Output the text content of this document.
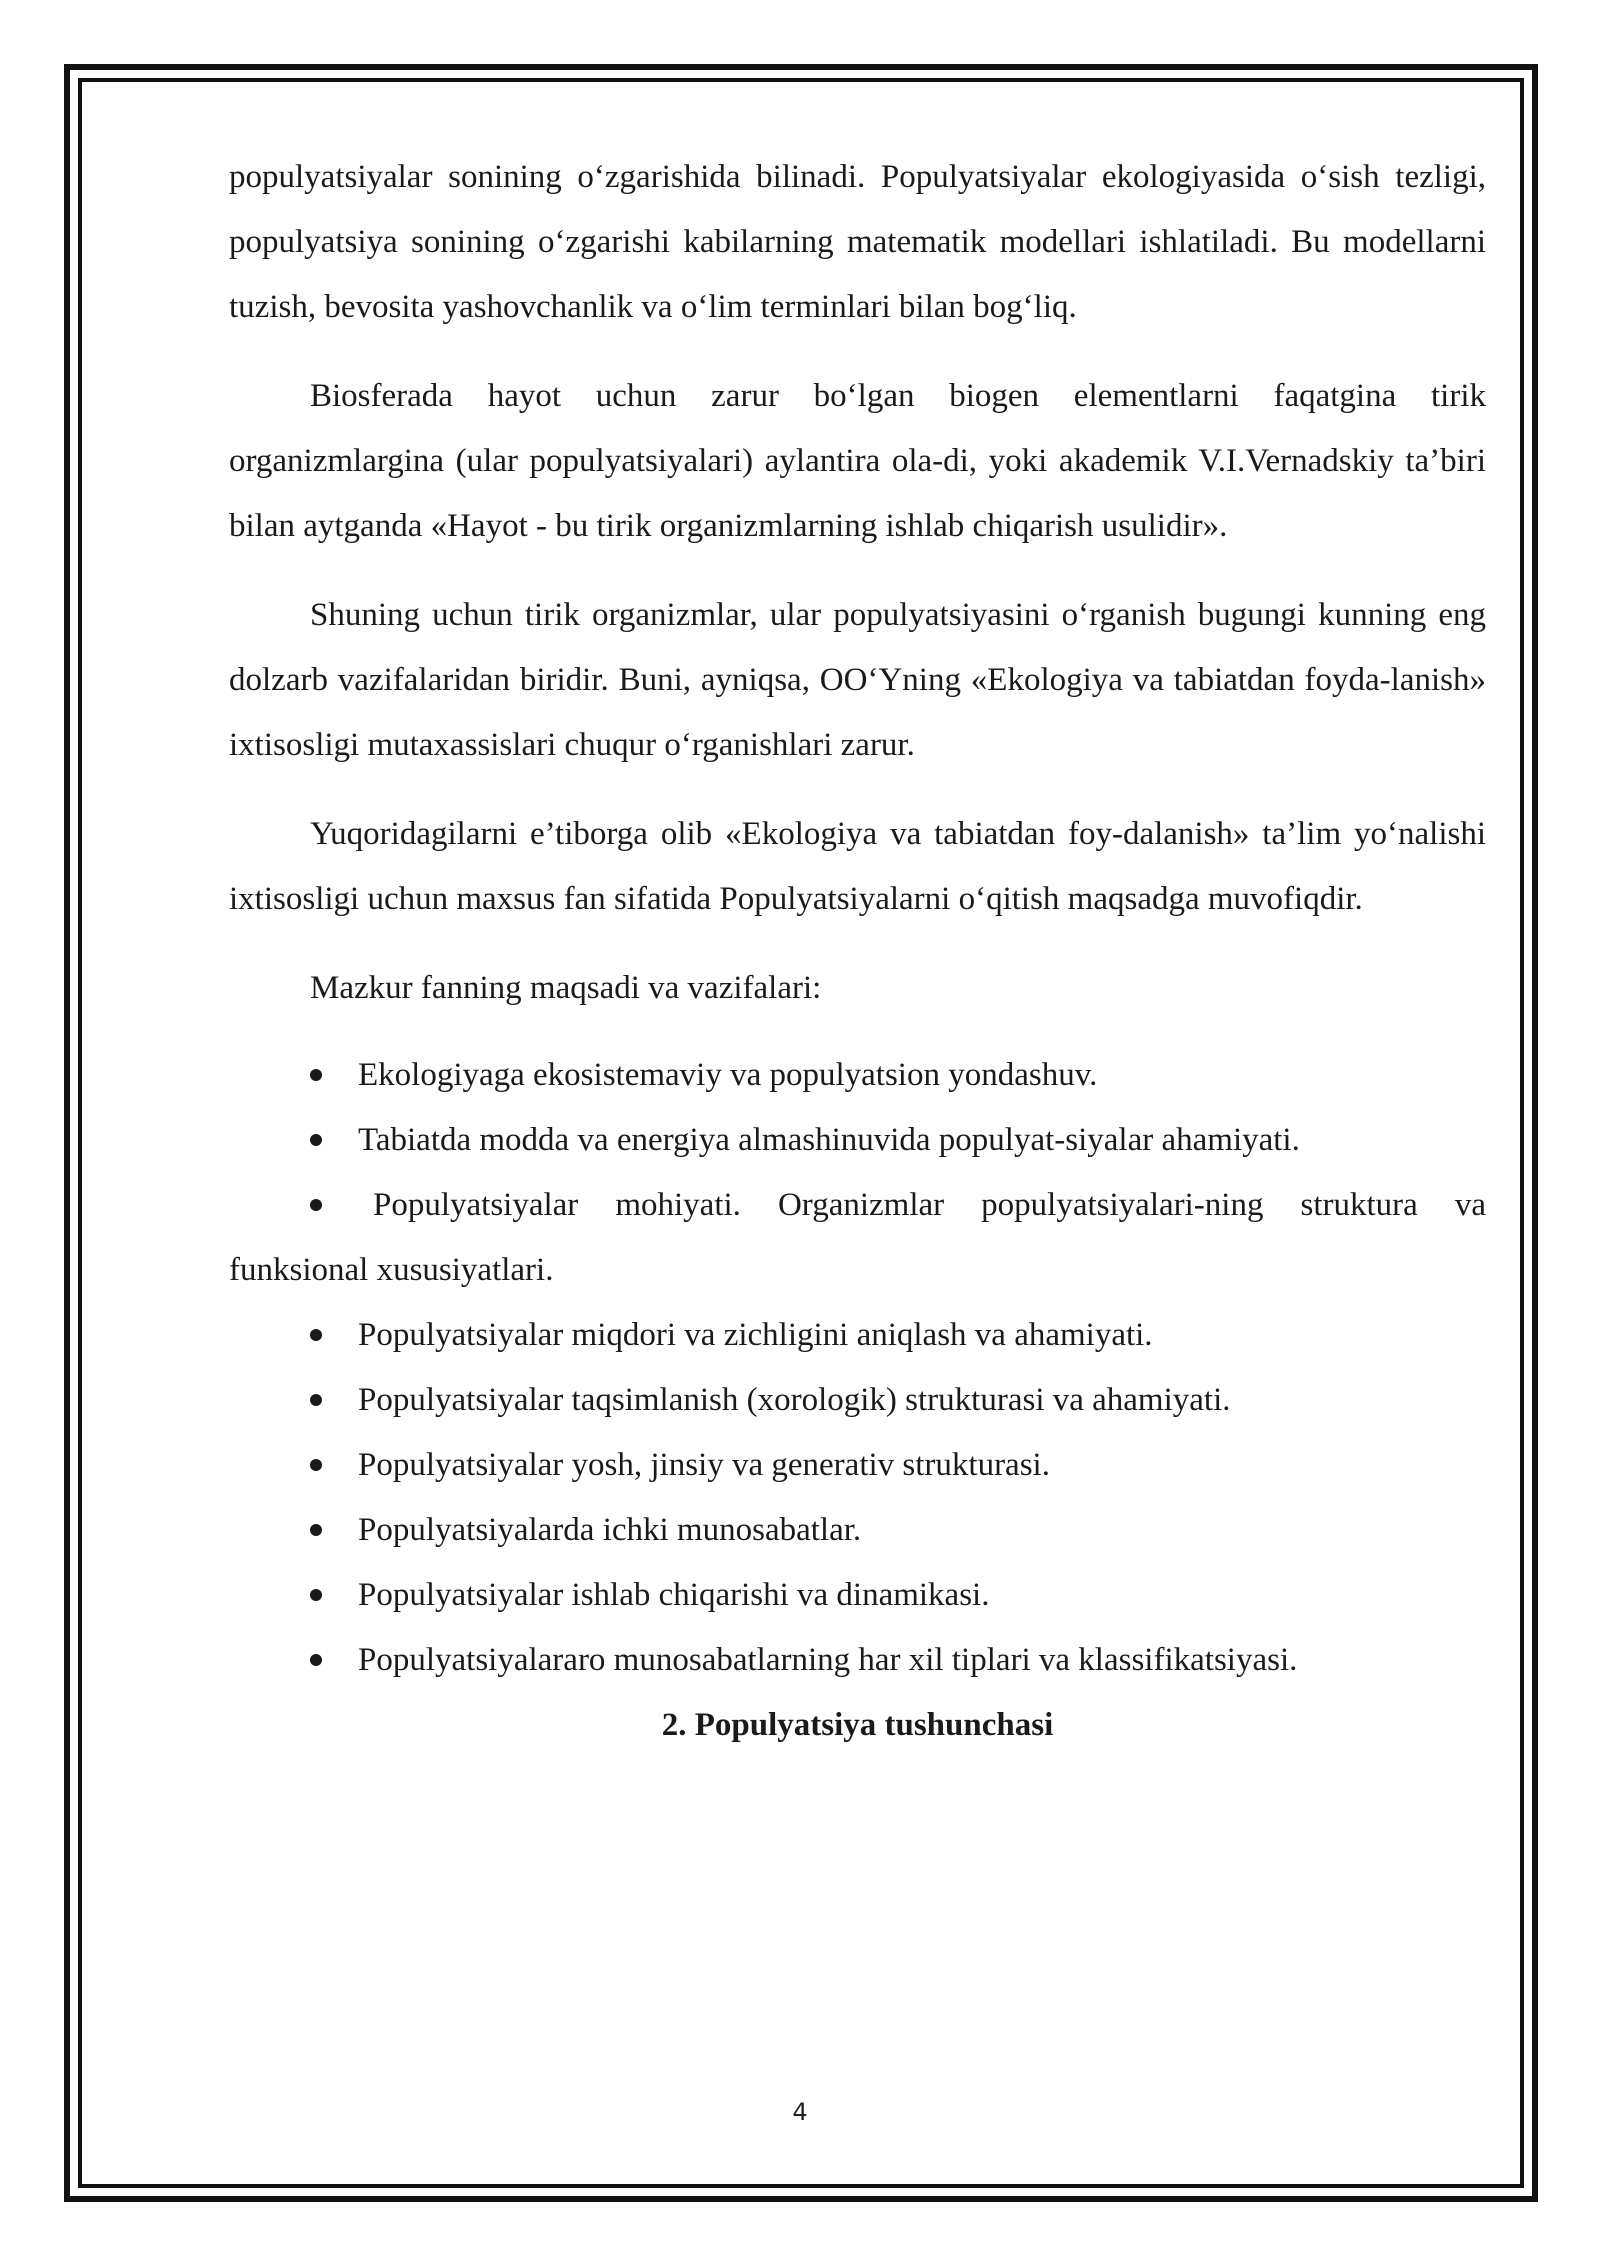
populyatsiyalar sonining o‘zgarishida bilinadi. Populyatsiyalar ekologiyasida o‘sish tezligi, populyatsiya sonining o‘zgarishi kabilarning matematik modellari ishlatiladi. Bu modellarni tuzish, bevosita yashovchanlik va o‘lim terminlari bilan bog‘liq.

Biosferada hayot uchun zarur bo‘lgan biogen elementlarni faqatgina tirik organizmlargina (ular populyatsiyalari) aylantira ola-di, yoki akademik V.I.Vernadskiy ta’biri bilan aytganda «Hayot - bu tirik organizmlarning ishlab chiqarish usulidir».

Shuning uchun tirik organizmlar, ular populyatsiyasini o‘rganish bugungi kunning eng dolzarb vazifalaridan biridir. Buni, ayniqsa, OO‘Yning «Ekologiya va tabiatdan foyda-lanish» ixtisosligi mutaxassislari chuqur o‘rganishlari zarur.

Yuqoridagilarni e’tiborga olib «Ekologiya va tabiatdan foy-dalanish» ta’lim yo‘nalishi ixtisosligi uchun maxsus fan sifatida Populyatsiyalarni o‘qitish maqsadga muvofiqdir.

Mazkur fanning maqsadi va vazifalari:

Ekologiyaga ekosistemaviy va populyatsion yondashuv.
Tabiatda modda va energiya almashinuvida populyat-siyalar ahamiyati.
Populyatsiyalar mohiyati. Organizmlar populyatsiyalari-ning struktura va funksional xususiyatlari.
Populyatsiyalar miqdori va zichligini aniqlash va ahamiyati.
Populyatsiyalar taqsimlanish (xorologik) strukturasi va ahamiyati.
Populyatsiyalar yosh, jinsiy va generativ strukturasi.
Populyatsiyalarda ichki munosabatlar.
Populyatsiyalar ishlab chiqarishi va dinamikasi.
Populyatsiyalararo munosabatlarning har xil tiplari va klassifikatsiyasi.
2. Populyatsiya tushunchasi
4
